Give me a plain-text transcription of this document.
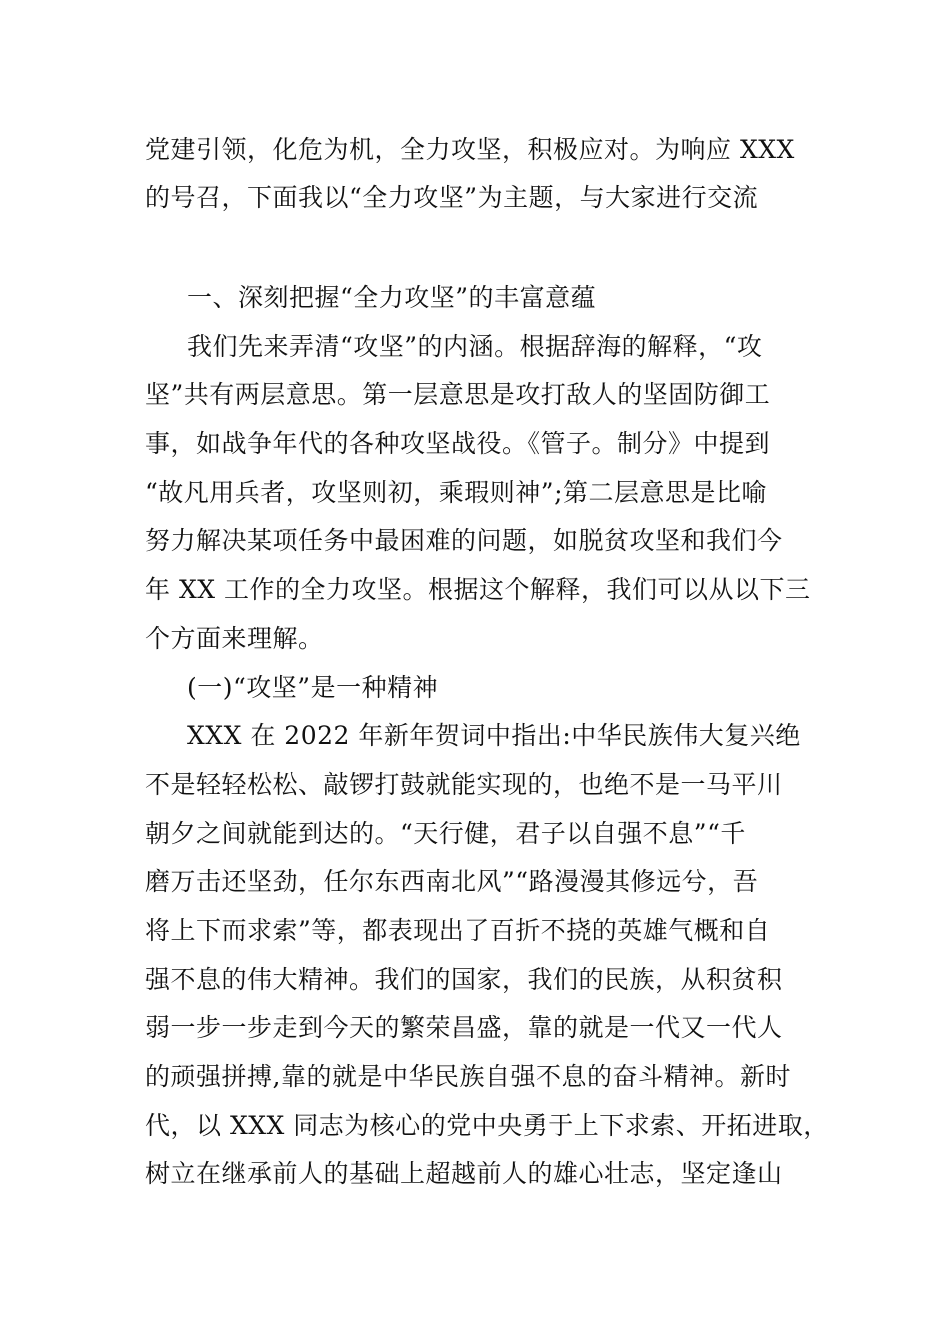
党建引领，化危为机，全力攻坚，积极应对。为响应 XXX
的号召，下面我以“全力攻坚”为主题，与大家进行交流
一、深刻把握“全力攻坚”的丰富意蕴
我们先来弄清“攻坚”的内涵。根据辞海的解释，“攻
坚”共有两层意思。第一层意思是攻打敌人的坚固防御工
事，如战争年代的各种攻坚战役。《管子。制分》中提到
“故凡用兵者，攻坚则初，乘瑕则神”;第二层意思是比喻
努力解决某项任务中最困难的问题，如脱贫攻坚和我们今
年 XX 工作的全力攻坚。根据这个解释，我们可以从以下三
个方面来理解。
(一)“攻坚”是一种精神
XXX 在 2022 年新年贺词中指出:中华民族伟大复兴绝
不是轻轻松松、敲锣打鼓就能实现的，也绝不是一马平川
朝夕之间就能到达的。“天行健，君子以自强不息”“千
磨万击还坚劲，任尔东西南北风”“路漫漫其修远兮，吾
将上下而求索”等，都表现出了百折不挠的英雄气概和自
强不息的伟大精神。我们的国家，我们的民族，从积贫积
弱一步一步走到今天的繁荣昌盛，靠的就是一代又一代人
的顽强拼搏,靠的就是中华民族自强不息的奋斗精神。新时
代，以 XXX 同志为核心的党中央勇于上下求索、开拓进取，
树立在继承前人的基础上超越前人的雄心壮志，坚定逢山
